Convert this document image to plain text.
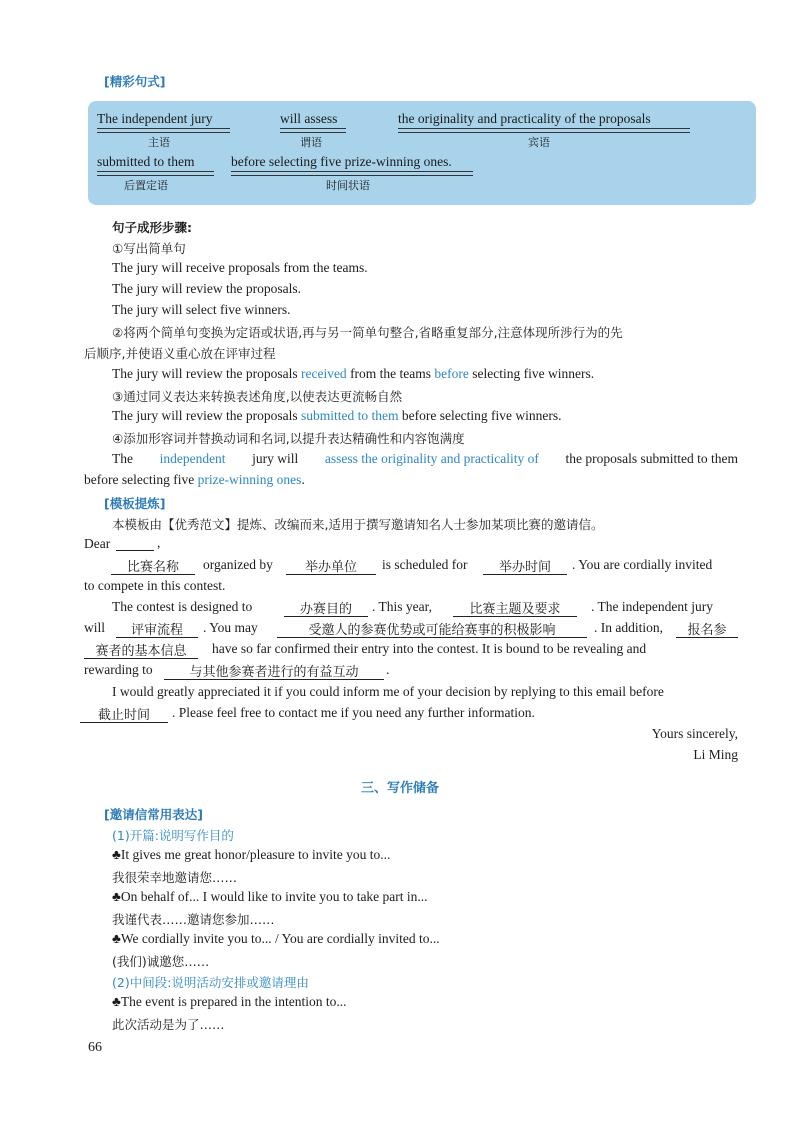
[精彩句式]
The independent jury
主语
will assess
谓语
the originality and practicality of the proposals
宾语
submitted to them
后置定语
before selecting five prize-winning ones.
时间状语
句子成形步骤:
①写出简单句
The jury will receive proposals from the teams.
The jury will review the proposals.
The jury will select five winners.
②将两个简单句变换为定语或状语,再与另一简单句整合,省略重复部分,注意体现所涉行为的先
后顺序,并使语义重心放在评审过程
The jury will review the proposals received from the teams before selecting five winners.
③通过同义表达来转换表述角度,以使表达更流畅自然
The jury will review the proposals submitted to them before selecting five winners.
④添加形容词并替换动词和名词,以提升表达精确性和内容饱满度
The independent jury will assess the originality and practicality of the proposals submitted to them
before selecting five prize-winning ones.
[模板提炼]
本模板由【优秀范文】提炼、改编而来,适用于撰写邀请知名人士参加某项比赛的邀请信。
Dear	,
比赛名称	organized by	举办单位	is scheduled for	举办时间	. You are cordially invited
to compete in this contest.
The contest is designed to	办赛目的	. This year,	比赛主题及要求	. The independent jury
will	评审流程	. You may	受邀人的参赛优势或可能给赛事的积极影响	. In addition,	报名参
赛者的基本信息	have so far confirmed their entry into the contest. It is bound to be revealing and
rewarding to	与其他参赛者进行的有益互动	.
I would greatly appreciated it if you could inform me of your decision by replying to this email before
截止时间	. Please feel free to contact me if you need any further information.
Yours sincerely,
Li Ming
三、写作储备
[邀请信常用表达]
(1)开篇:说明写作目的
♣It gives me great honor/pleasure to invite you to...
我很荣幸地邀请您……
♣On behalf of... I would like to invite you to take part in...
我谨代表……邀请您参加……
♣We cordially invite you to... / You are cordially invited to...
(我们)诚邀您……
(2)中间段:说明活动安排或邀请理由
♣The event is prepared in the intention to...
此次活动是为了……
66
